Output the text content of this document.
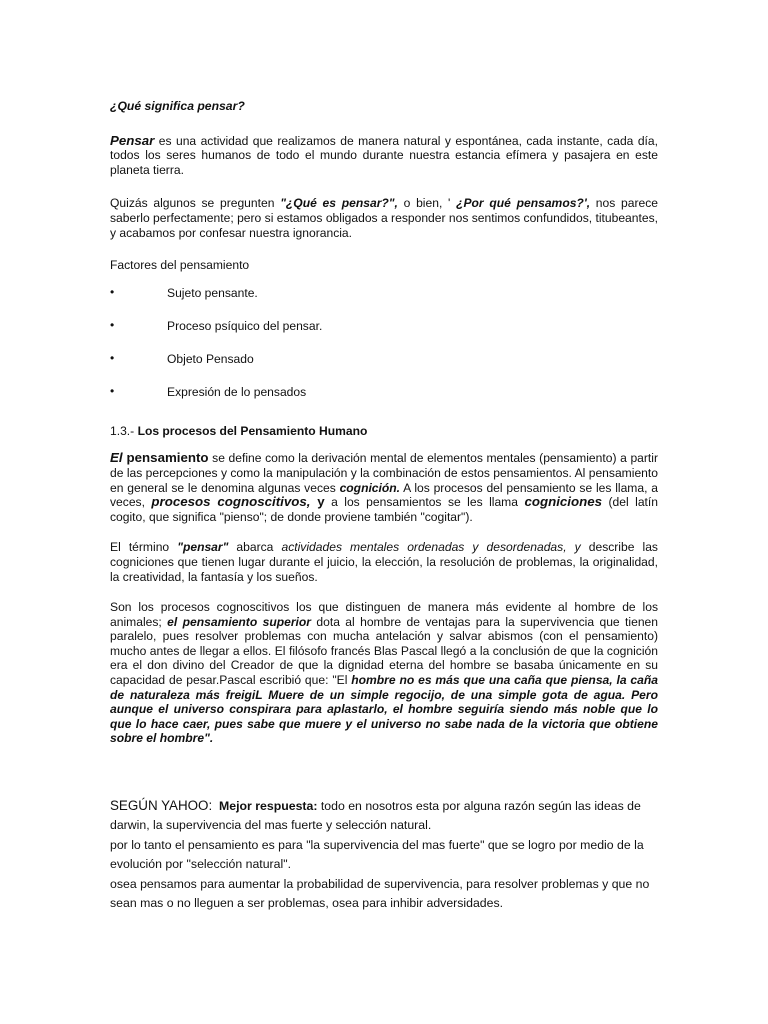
¿Qué significa pensar?

Pensar es una actividad que realizamos de manera natural y espontánea, cada instante, cada día, todos los seres humanos de todo el mundo durante nuestra estancia efímera y pasajera en este planeta tierra.

Quizás algunos se pregunten "¿Qué es pensar?", o bien, ' ¿Por qué pensamos?', nos parece saberlo perfectamente; pero si estamos obligados a responder nos sentimos confundidos, titubeantes, y acabamos por confesar nuestra ignorancia.

Factores del pensamiento

•	Sujeto pensante.
•	Proceso psíquico del pensar.
•	Objeto Pensado
•	Expresión de lo pensados

1.3.- Los procesos del Pensamiento Humano

El pensamiento se define como la derivación mental de elementos mentales (pensamiento) a partir de las percepciones y como la manipulación y la combinación de estos pensamientos. Al pensamiento en general se le denomina algunas veces cognición. A los procesos del pensamiento se les llama, a veces, procesos cognoscitivos, y a los pensamientos se les llama cogniciones (del latín cogito, que significa "pienso"; de donde proviene también "cogitar").

El término "pensar" abarca actividades mentales ordenadas y desordenadas, y describe las cogniciones que tienen lugar durante el juicio, la elección, la resolución de problemas, la originalidad, la creatividad, la fantasía y los sueños.

Son los procesos cognoscitivos los que distinguen de manera más evidente al hombre de los animales; el pensamiento superior dota al hombre de ventajas para la supervivencia que tienen paralelo, pues resolver problemas con mucha antelación y salvar abismos (con el pensamiento) mucho antes de llegar a ellos. El filósofo francés Blas Pascal llegó a la conclusión de que la cognición era el don divino del Creador de que la dignidad eterna del hombre se basaba únicamente en su capacidad de pesar.Pascal escribió que: "El hombre no es más que una caña que piensa, la caña de naturaleza más freigiL Muere de un simple regocijo, de una simple gota de agua. Pero aunque el universo conspirara para aplastarlo, el hombre seguiría siendo más noble que lo que lo hace caer, pues sabe que muere y el universo no sabe nada de la victoria que obtiene sobre el hombre".

SEGÚN YAHOO: Mejor respuesta: todo en nosotros esta por alguna razón según las ideas de darwin, la supervivencia del mas fuerte y selección natural.
por lo tanto el pensamiento es para "la supervivencia del mas fuerte" que se logro por medio de la evolución por "selección natural".
osea pensamos para aumentar la probabilidad de supervivencia, para resolver problemas y que no sean mas o no lleguen a ser problemas, osea para inhibir adversidades.
